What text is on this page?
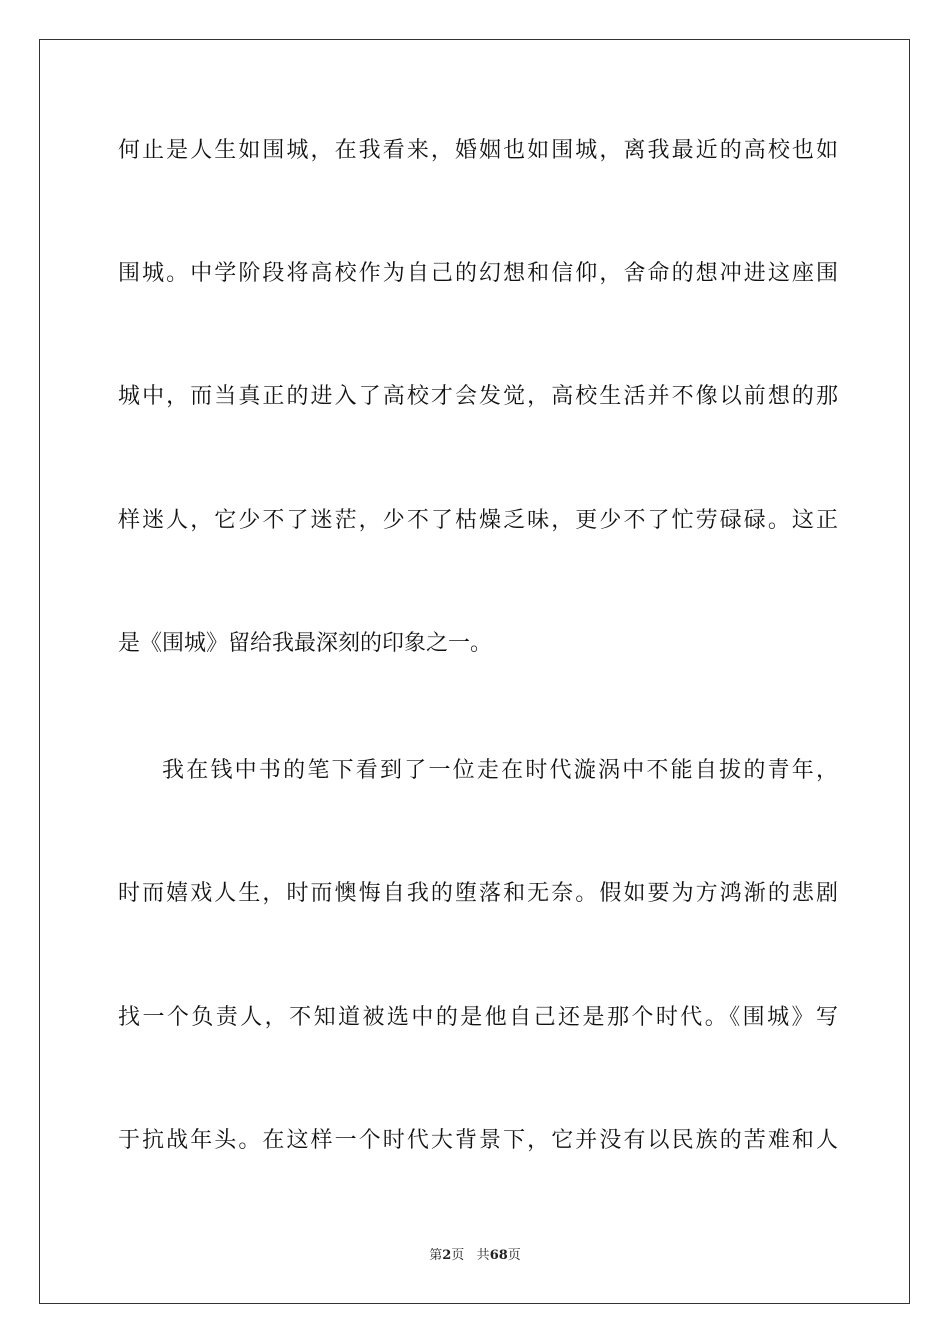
何止是人生如围城，在我看来，婚姻也如围城，离我最近的高校也如
围城。中学阶段将高校作为自己的幻想和信仰，舍命的想冲进这座围
城中，而当真正的进入了高校才会发觉，高校生活并不像以前想的那
样迷人，它少不了迷茫，少不了枯燥乏味，更少不了忙劳碌碌。这正
是《围城》留给我最深刻的印象之一。
我在钱中书的笔下看到了一位走在时代漩涡中不能自拔的青年，
时而嬉戏人生，时而懊悔自我的堕落和无奈。假如要为方鸿渐的悲剧
找一个负责人，不知道被选中的是他自己还是那个时代。《围城》写
于抗战年头。在这样一个时代大背景下，它并没有以民族的苦难和人
第2页 共68页
